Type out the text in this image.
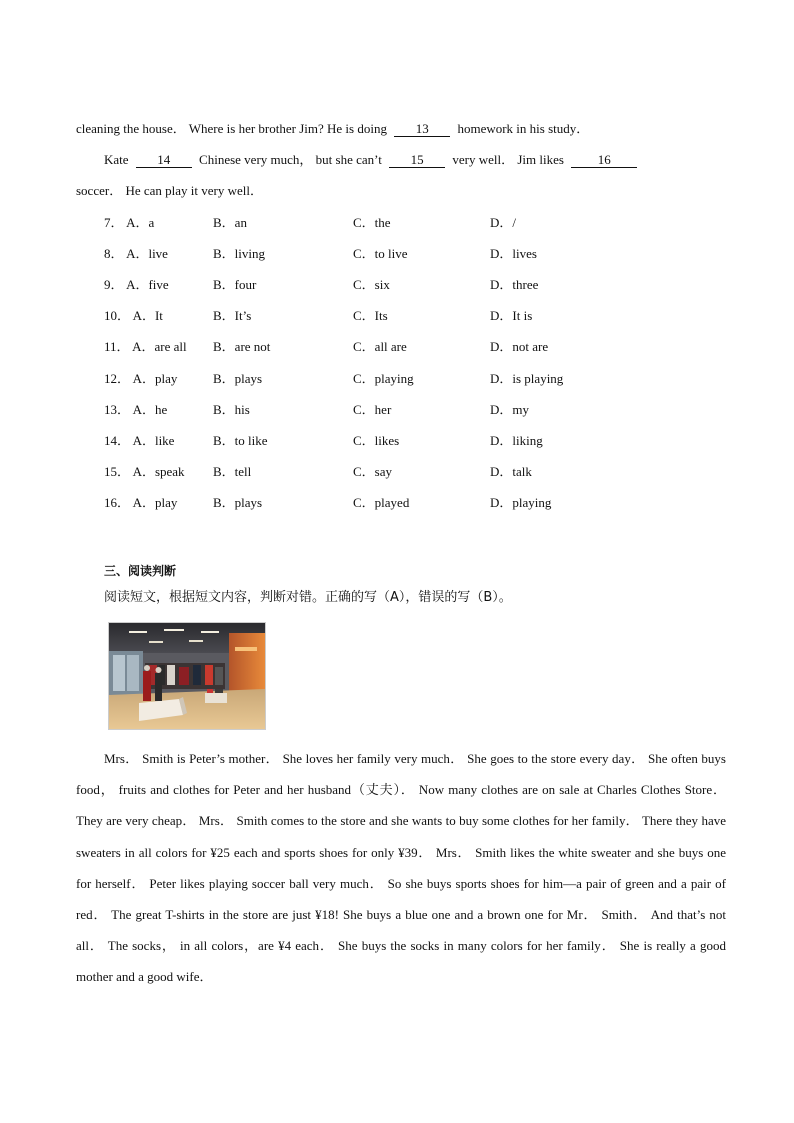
cleaning the house． Where is her brother Jim? He is doing 13 homework in his study．
Kate 14 Chinese very much， but she can’t 15 very well． Jim likes	16
soccer． He can play it very well．
7． A．a	B．an	C．the	D．/
8． A．live	B．living	C．to live	D．lives
9． A．five	B．four	C．six	D．three
10． A．It	B．It’s	C．Its	D．It is
11． A．are all B．are not	C．all are	D．not are
12． A．play	B．plays	C．playing	D．is playing
13． A．he	B．his	C．her	D．my
14． A．like	B．to like	C．likes	D．liking
15． A．speak B．tell	C．say	D．talk
16． A．play	B．plays	C．played	D．playing
三、阅读判断
阅读短文，根据短文内容，判断对错。正确的写（A），错误的写（B）。
Mrs． Smith is Peter’s mother． She loves her family very much． She goes to the store every day． She often buys food， fruits and clothes for Peter and her husband（丈夫）． Now many clothes are on sale at Charles Clothes Store． They are very cheap． Mrs． Smith comes to the store and she wants to buy some clothes for her family． There they have sweaters in all colors for ¥25 each and sports shoes for only ¥39． Mrs． Smith likes the white sweater and she buys one for herself． Peter likes playing soccer ball very much． So she buys sports shoes for him—a pair of green and a pair of red． The great T-shirts in the store are just ¥18! She buys a blue one and a brown one for Mr． Smith． And that’s not all． The socks， in all colors，are ¥4 each． She buys the socks in many colors for her family． She is really a good mother and a good wife．
